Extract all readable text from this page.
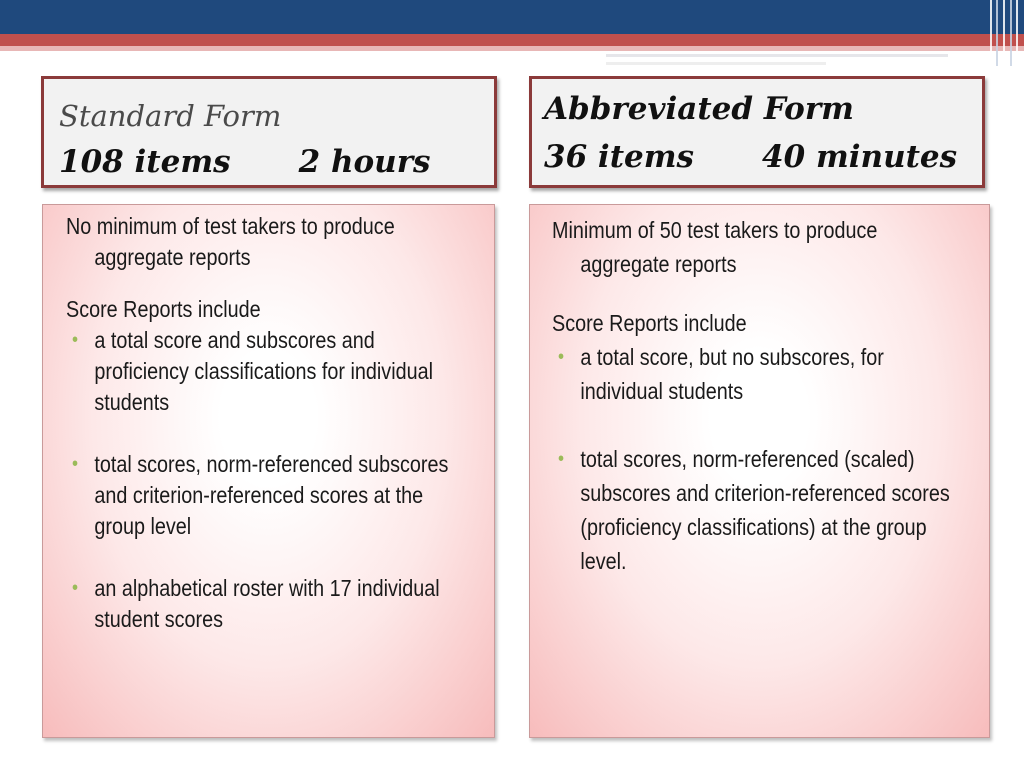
Standard Form
108 items 2 hours
Abbreviated Form
36 items 40 minutes

No minimum of test takers to produce aggregate reports

Score Reports include

• a total score and subscores and proficiency classifications for individual students
• total scores, norm-referenced subscores and criterion-referenced scores at the group level
• an alphabetical roster with 17 individual student scores

Minimum of 50 test takers to produce aggregate reports

Score Reports include

• a total score, but no subscores, for individual students
• total scores, norm-referenced (scaled) subscores and criterion-referenced scores (proficiency classifications) at the group level.
